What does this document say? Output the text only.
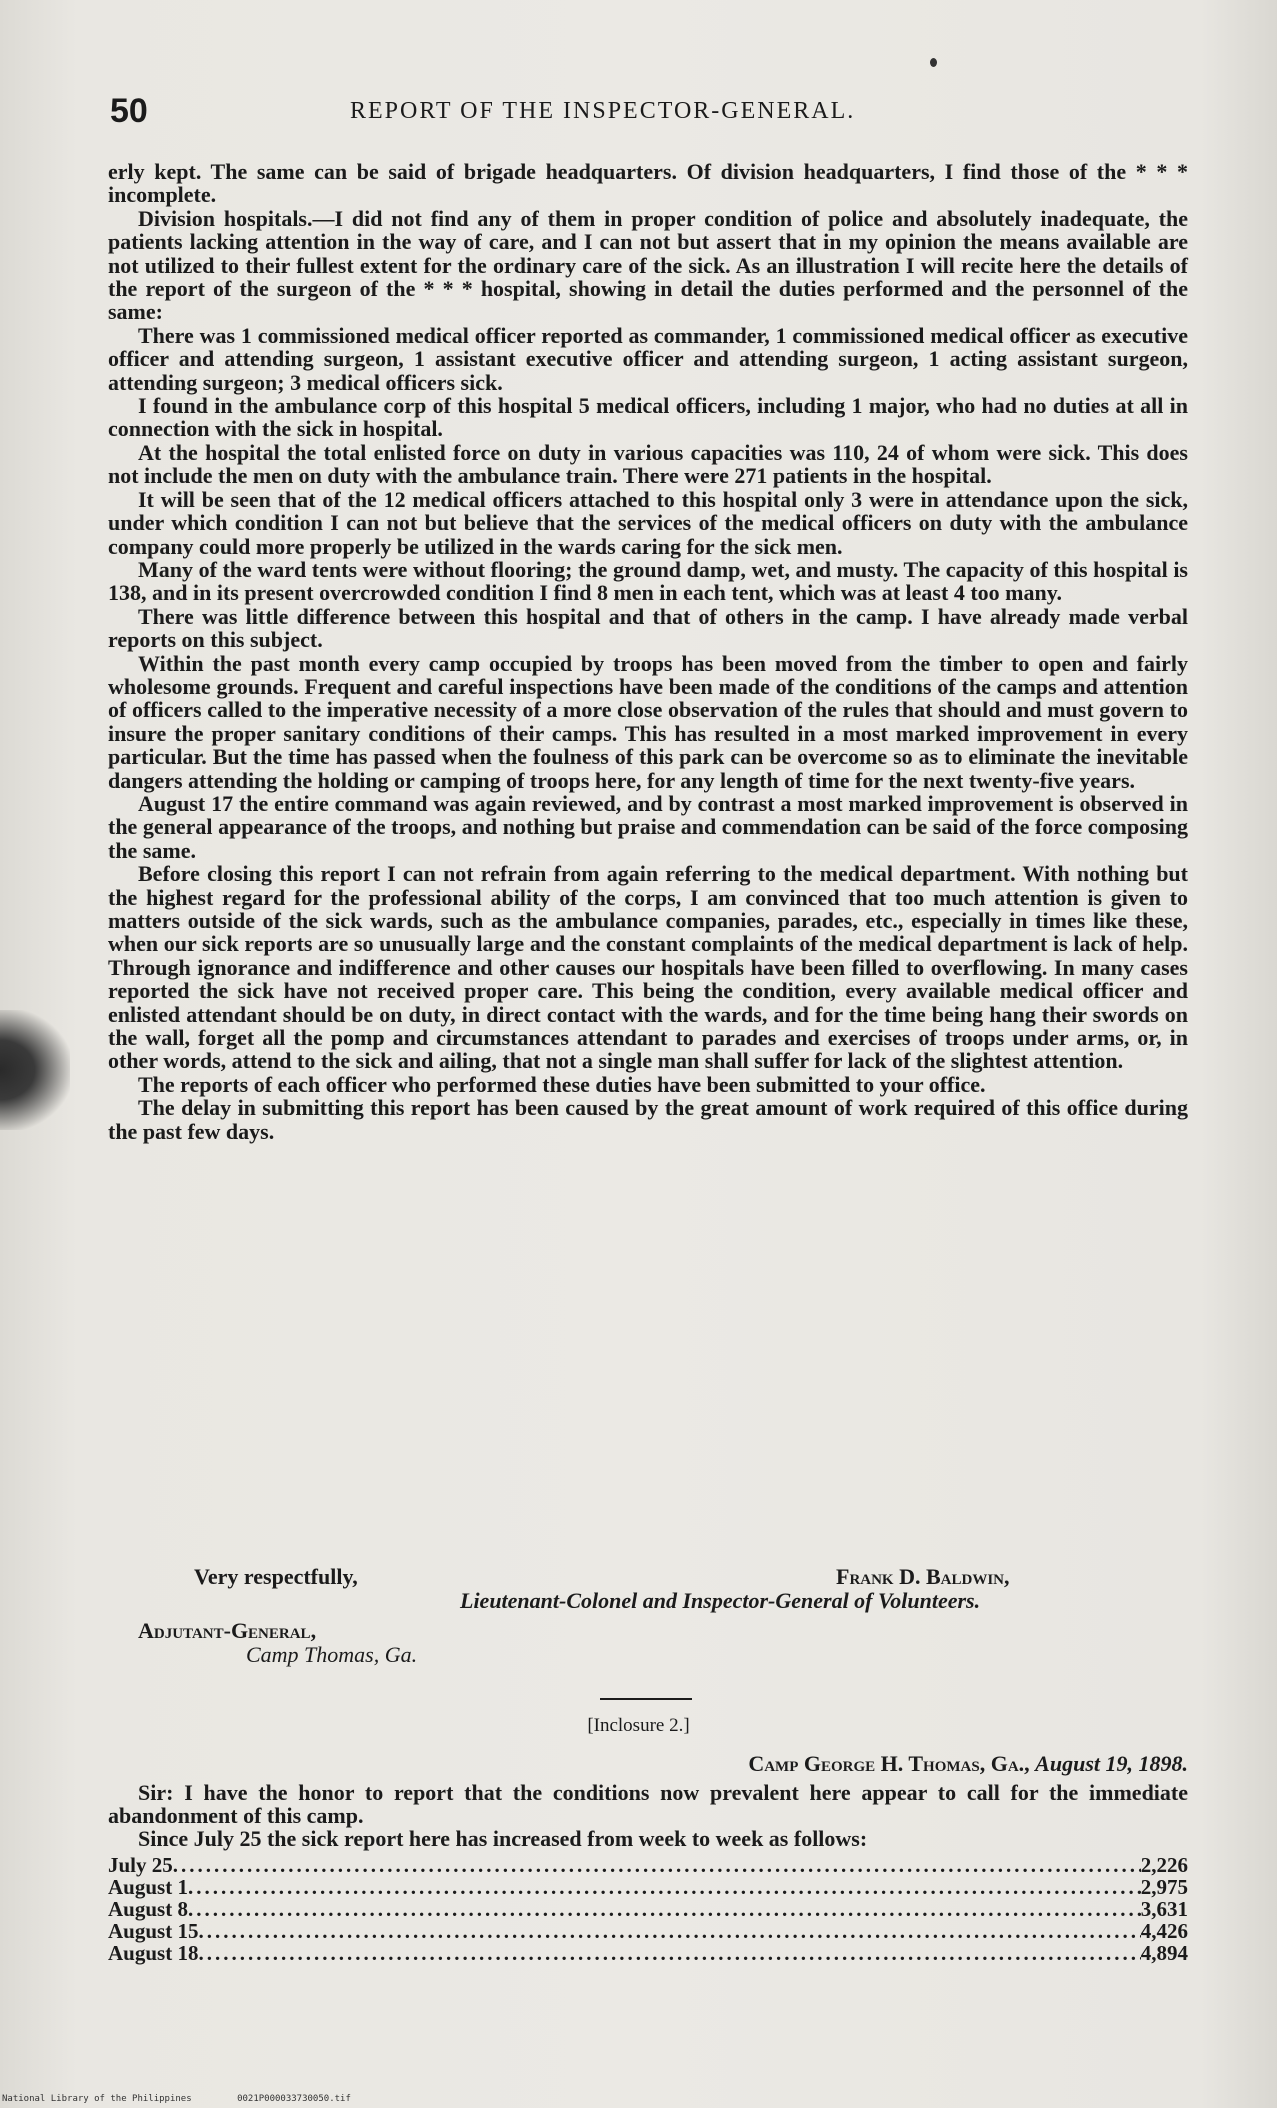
50	REPORT OF THE INSPECTOR-GENERAL.

erly kept. The same can be said of brigade headquarters. Of division headquarters, I find those of the * * * incomplete.

Division hospitals.—I did not find any of them in proper condition of police and absolutely inadequate, the patients lacking attention in the way of care, and I can not but assert that in my opinion the means available are not utilized to their fullest extent for the ordinary care of the sick. As an illustration I will recite here the details of the report of the surgeon of the * * * hospital, showing in detail the duties performed and the personnel of the same:

There was 1 commissioned medical officer reported as commander, 1 commissioned medical officer as executive officer and attending surgeon, 1 assistant executive officer and attending surgeon, 1 acting assistant surgeon, attending surgeon; 3 medical officers sick.

I found in the ambulance corp of this hospital 5 medical officers, including 1 major, who had no duties at all in connection with the sick in hospital.

At the hospital the total enlisted force on duty in various capacities was 110, 24 of whom were sick. This does not include the men on duty with the ambulance train. There were 271 patients in the hospital.

It will be seen that of the 12 medical officers attached to this hospital only 3 were in attendance upon the sick, under which condition I can not but believe that the services of the medical officers on duty with the ambulance company could more properly be utilized in the wards caring for the sick men.

Many of the ward tents were without flooring; the ground damp, wet, and musty. The capacity of this hospital is 138, and in its present overcrowded condition I find 8 men in each tent, which was at least 4 too many.

There was little difference between this hospital and that of others in the camp. I have already made verbal reports on this subject.

Within the past month every camp occupied by troops has been moved from the timber to open and fairly wholesome grounds. Frequent and careful inspections have been made of the conditions of the camps and attention of officers called to the imperative necessity of a more close observation of the rules that should and must govern to insure the proper sanitary conditions of their camps. This has resulted in a most marked improvement in every particular. But the time has passed when the foulness of this park can be overcome so as to eliminate the inevitable dangers attending the holding or camping of troops here, for any length of time for the next twenty-five years.

August 17 the entire command was again reviewed, and by contrast a most marked improvement is observed in the general appearance of the troops, and nothing but praise and commendation can be said of the force composing the same.

Before closing this report I can not refrain from again referring to the medical department. With nothing but the highest regard for the professional ability of the corps, I am convinced that too much attention is given to matters outside of the sick wards, such as the ambulance companies, parades, etc., especially in times like these, when our sick reports are so unusually large and the constant complaints of the medical department is lack of help. Through ignorance and indifference and other causes our hospitals have been filled to overflowing. In many cases reported the sick have not received proper care. This being the condition, every available medical officer and enlisted attendant should be on duty, in direct contact with the wards, and for the time being hang their swords on the wall, forget all the pomp and circumstances attendant to parades and exercises of troops under arms, or, in other words, attend to the sick and ailing, that not a single man shall suffer for lack of the slightest attention.

The reports of each officer who performed these duties have been submitted to your office.

The delay in submitting this report has been caused by the great amount of work required of this office during the past few days.

Very respectfully,	Frank D. Baldwin,
Lieutenant-Colonel and Inspector-General of Volunteers.
Adjutant-General,
Camp Thomas, Ga.
[Inclosure 2.]
Camp George H. Thomas, Ga., August 19, 1898.

Sir: I have the honor to report that the conditions now prevalent here appear to call for the immediate abandonment of this camp.

Since July 25 the sick report here has increased from week to week as follows:

July 25 .....	2,226
August 1 .....	2,975
August 8 .....	3,631
August 15 .....	4,426
August 18 .....	4,894
National Library of the Philippines	0021P000033730050.tif
